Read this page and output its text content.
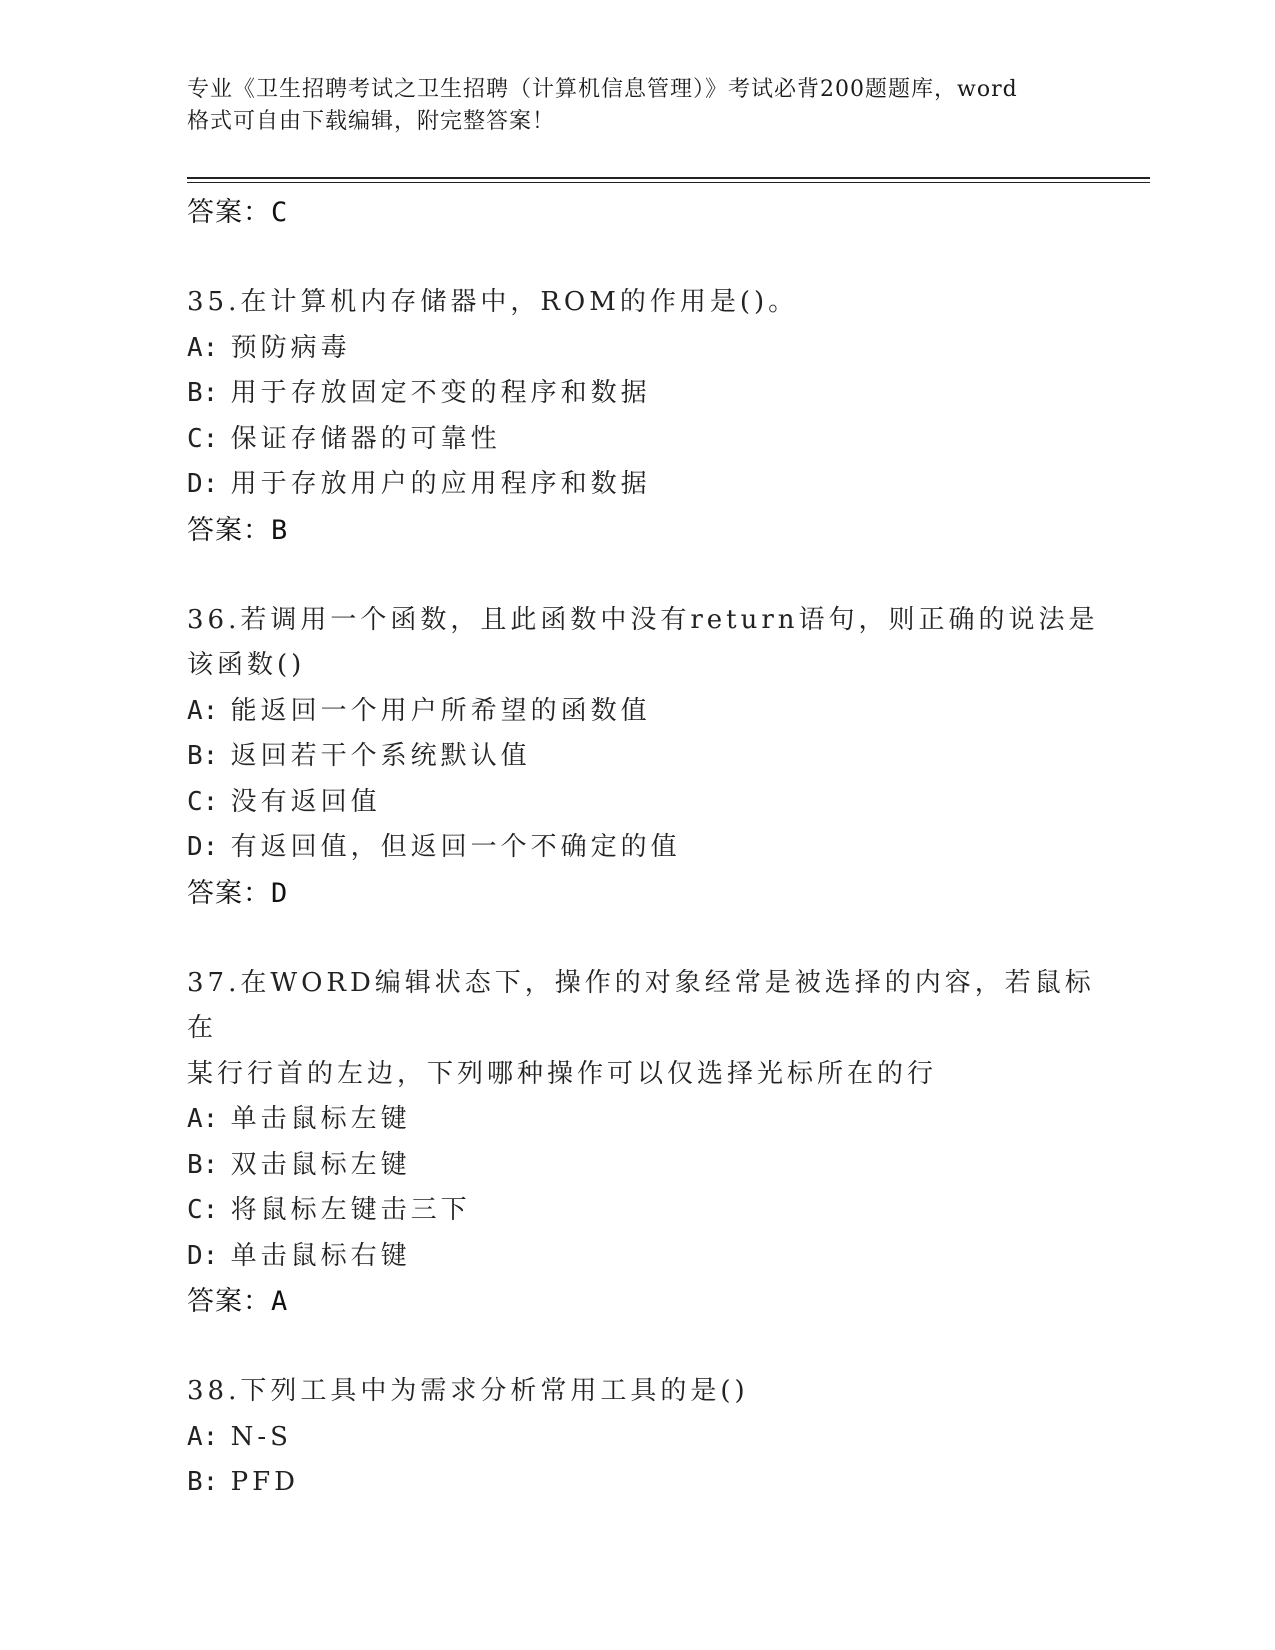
专业《卫生招聘考试之卫生招聘（计算机信息管理）》考试必背200题题库，word
格式可自由下载编辑，附完整答案！
答案：C
35.在计算机内存储器中，ROM的作用是()。
A: 预防病毒
B: 用于存放固定不变的程序和数据
C: 保证存储器的可靠性
D: 用于存放用户的应用程序和数据
答案：B
36.若调用一个函数，且此函数中没有return语句，则正确的说法是
该函数()
A: 能返回一个用户所希望的函数值
B: 返回若干个系统默认值
C: 没有返回值
D: 有返回值，但返回一个不确定的值
答案：D
37.在WORD编辑状态下，操作的对象经常是被选择的内容，若鼠标在
某行行首的左边，下列哪种操作可以仅选择光标所在的行
A: 单击鼠标左键
B: 双击鼠标左键
C: 将鼠标左键击三下
D: 单击鼠标右键
答案：A
38.下列工具中为需求分析常用工具的是()
A: N-S
B: PFD
